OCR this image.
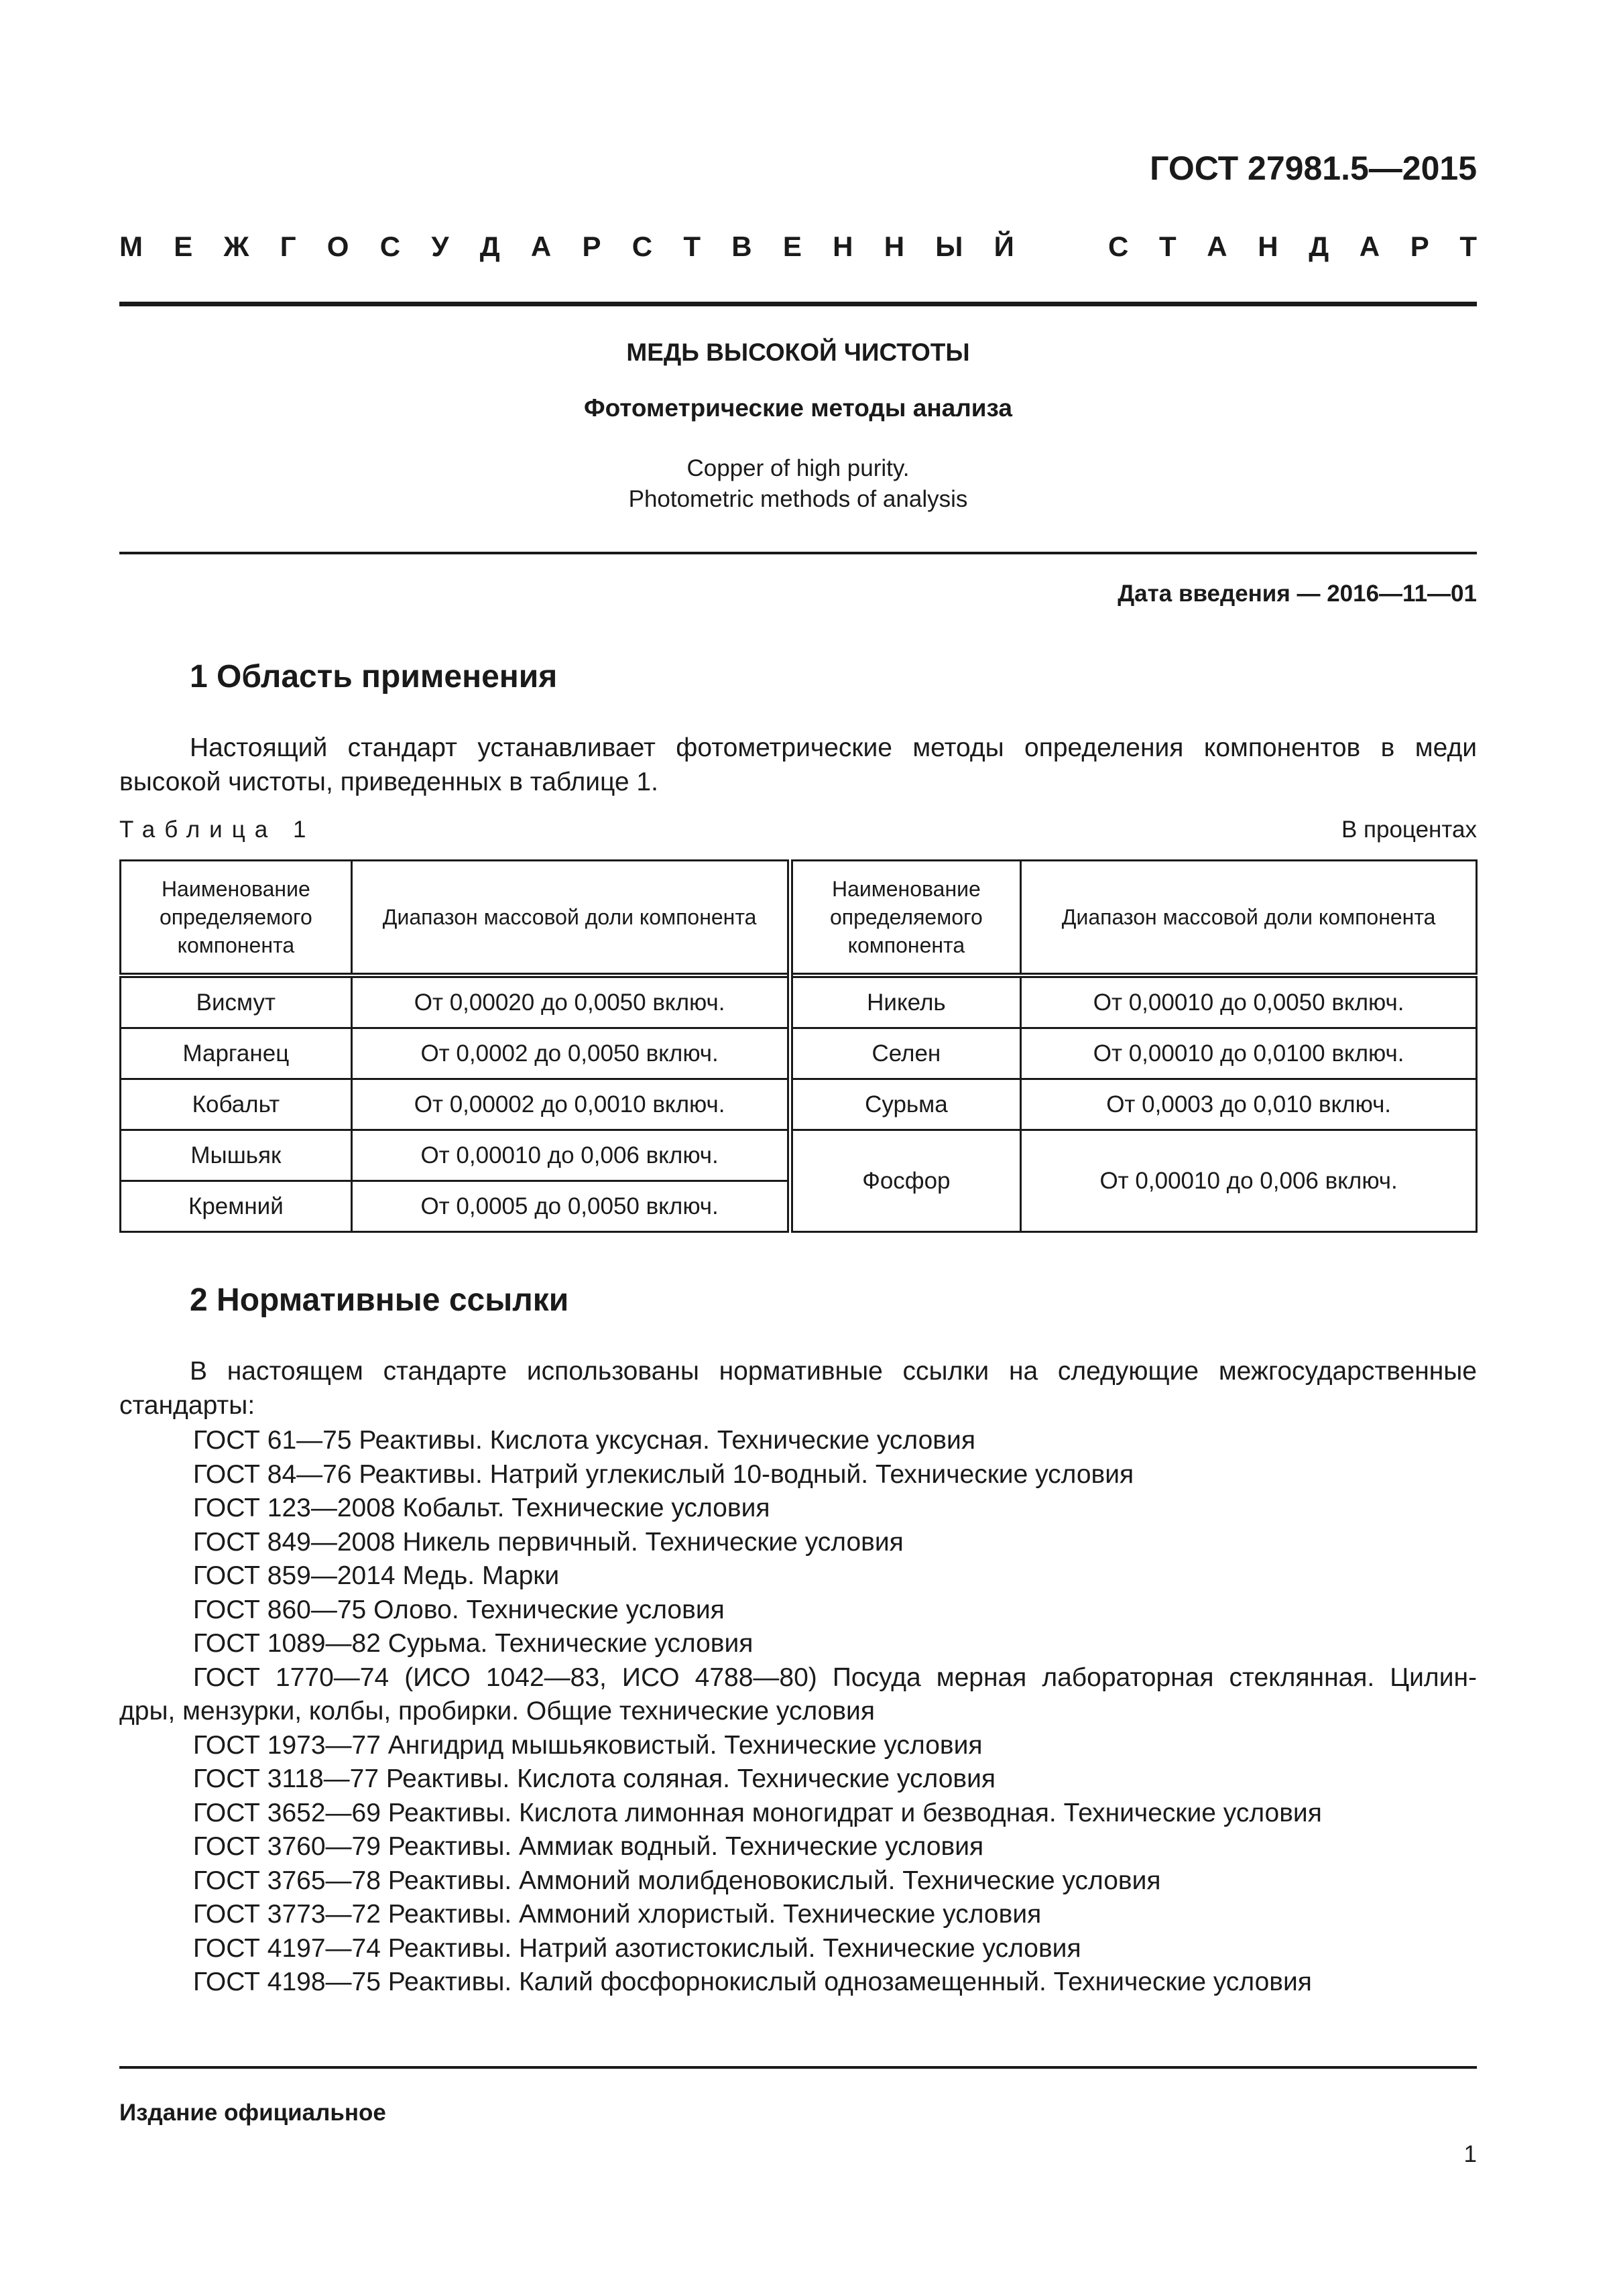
ГОСТ 27981.5—2015
М Е Ж Г О С У Д А Р С Т В Е Н Н Ы Й	С Т А Н Д А Р Т
МЕДЬ ВЫСОКОЙ ЧИСТОТЫ
Фотометрические методы анализа
Copper of high purity.
Photometric methods of analysis
Дата введения — 2016—11—01
1 Область применения
Настоящий стандарт устанавливает фотометрические методы определения компонентов в меди высокой чистоты, приведенных в таблице 1.
Таблица 1	В процентах
Наименование определяемого компонента	Диапазон массовой доли компонента	Наименование определяемого компонента	Диапазон массовой доли компонента
Висмут	От 0,00020 до 0,0050 включ.	Никель	От 0,00010 до 0,0050 включ.
Марганец	От 0,0002 до 0,0050 включ.	Селен	От 0,00010 до 0,0100 включ.
Кобальт	От 0,00002 до 0,0010 включ.	Сурьма	От 0,0003 до 0,010 включ.
Мышьяк	От 0,00010 до 0,006 включ.	Фосфор	От 0,00010 до 0,006 включ.
Кремний	От 0,0005 до 0,0050 включ.		
2 Нормативные ссылки
В настоящем стандарте использованы нормативные ссылки на следующие межгосударственные стандарты:
ГОСТ 61—75 Реактивы. Кислота уксусная. Технические условия
ГОСТ 84—76 Реактивы. Натрий углекислый 10-водный. Технические условия
ГОСТ 123—2008 Кобальт. Технические условия
ГОСТ 849—2008 Никель первичный. Технические условия
ГОСТ 859—2014 Медь. Марки
ГОСТ 860—75 Олово. Технические условия
ГОСТ 1089—82 Сурьма. Технические условия
ГОСТ 1770—74 (ИСО 1042—83, ИСО 4788—80) Посуда мерная лабораторная стеклянная. Цилин-
дры, мензурки, колбы, пробирки. Общие технические условия
ГОСТ 1973—77 Ангидрид мышьяковистый. Технические условия
ГОСТ 3118—77 Реактивы. Кислота соляная. Технические условия
ГОСТ 3652—69 Реактивы. Кислота лимонная моногидрат и безводная. Технические условия
ГОСТ 3760—79 Реактивы. Аммиак водный. Технические условия
ГОСТ 3765—78 Реактивы. Аммоний молибденовокислый. Технические условия
ГОСТ 3773—72 Реактивы. Аммоний хлористый. Технические условия
ГОСТ 4197—74 Реактивы. Натрий азотистокислый. Технические условия
ГОСТ 4198—75 Реактивы. Калий фосфорнокислый однозамещенный. Технические условия
Издание официальное
1
